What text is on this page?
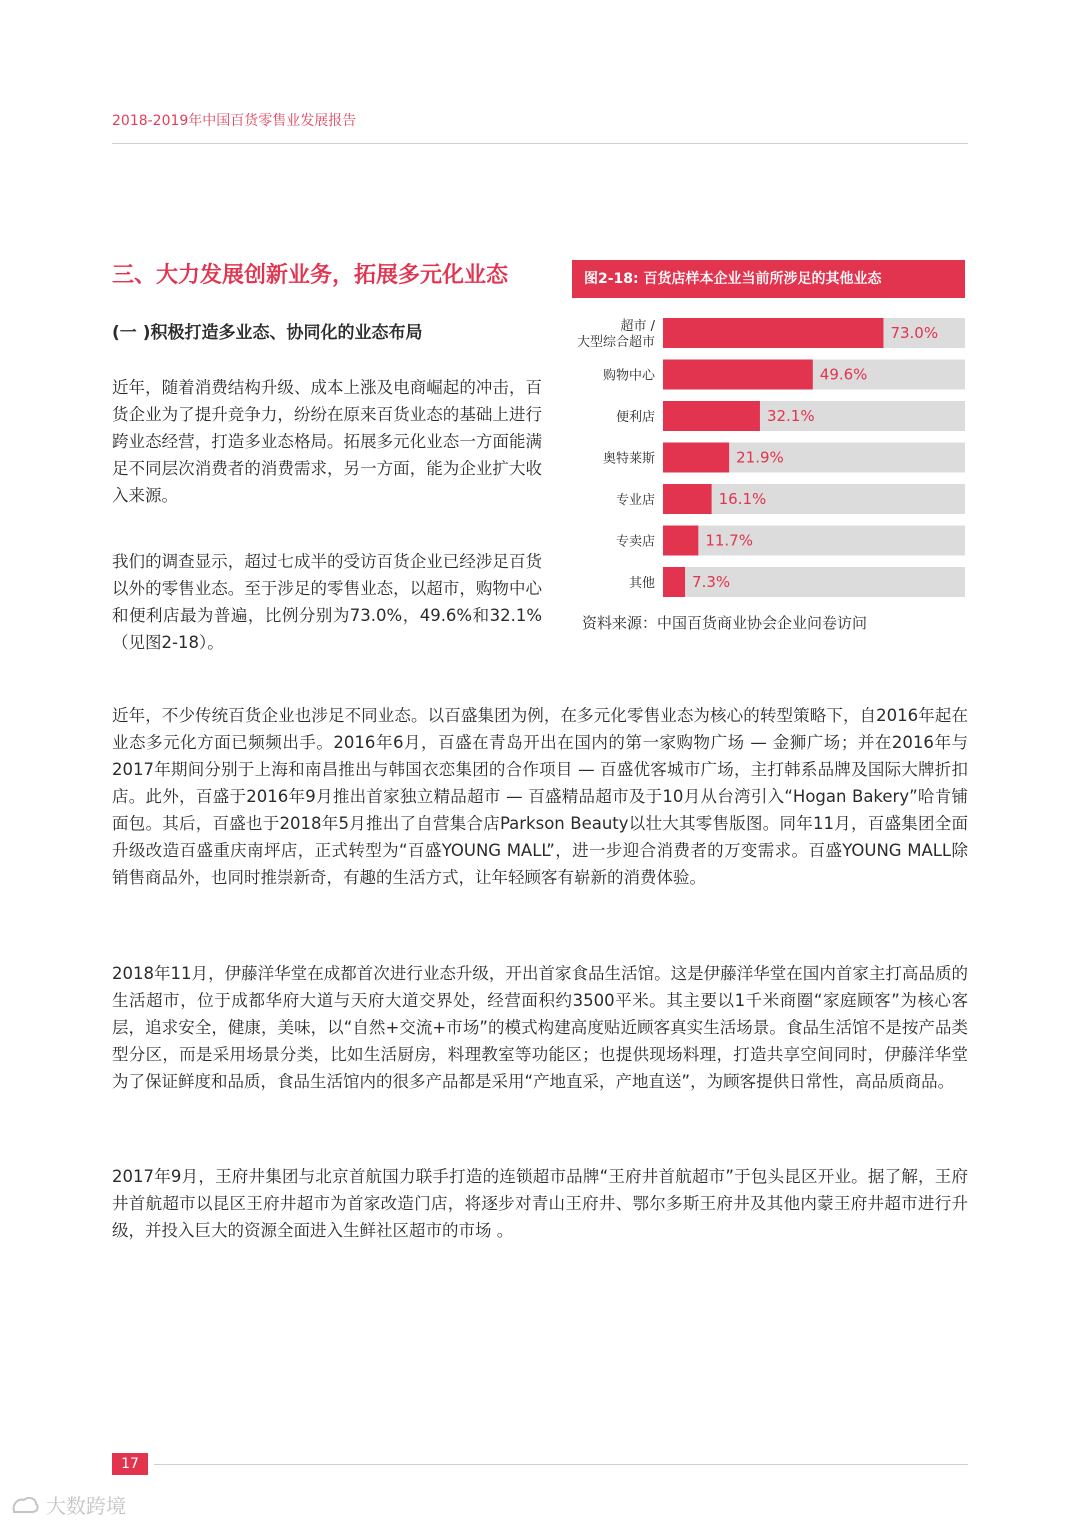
2018-2019年中国百货零售业发展报告
三、大力发展创新业务，拓展多元化业态
(一 )积极打造多业态、协同化的业态布局
近年，随着消费结构升级、成本上涨及电商崛起的冲击，百货企业为了提升竞争力，纷纷在原来百货业态的基础上进行跨业态经营，打造多业态格局。拓展多元化业态一方面能满足不同层次消费者的消费需求，另一方面，能为企业扩大收入来源。
我们的调查显示，超过七成半的受访百货企业已经涉足百货以外的零售业态。至于涉足的零售业态，以超市，购物中心和便利店最为普遍，比例分别为73.0%，49.6%和32.1%（见图2-18）。
图2-18: 百货店样本企业当前所涉足的其他业态
73.0%
超市 /大型综合超市
49.6%
购物中心
32.1%
便利店
21.9%
奥特莱斯
16.1%
专业店
11.7%
专卖店
7.3%
其他
资料来源：中国百货商业协会企业问卷访问
近年，不少传统百货企业也涉足不同业态。以百盛集团为例，在多元化零售业态为核心的转型策略下，自2016年起在业态多元化方面已频频出手。2016年6月，百盛在青岛开出在国内的第一家购物广场 — 金狮广场；并在2016年与2017年期间分别于上海和南昌推出与韩国衣恋集团的合作项目 — 百盛优客城市广场，主打韩系品牌及国际大牌折扣店。此外，百盛于2016年9月推出首家独立精品超市 — 百盛精品超市及于10月从台湾引入“Hogan Bakery”哈肯铺面包。其后，百盛也于2018年5月推出了自营集合店Parkson Beauty以壮大其零售版图。同年11月，百盛集团全面升级改造百盛重庆南坪店，正式转型为“百盛YOUNG MALL”，进一步迎合消费者的万变需求。百盛YOUNG MALL除销售商品外，也同时推崇新奇，有趣的生活方式，让年轻顾客有崭新的消费体验。
2018年11月，伊藤洋华堂在成都首次进行业态升级，开出首家食品生活馆。这是伊藤洋华堂在国内首家主打高品质的生活超市，位于成都华府大道与天府大道交界处，经营面积约3500平米。其主要以1千米商圈“家庭顾客”为核心客层，追求安全，健康，美味，以“自然+交流+市场”的模式构建高度贴近顾客真实生活场景。食品生活馆不是按产品类型分区，而是采用场景分类，比如生活厨房，料理教室等功能区；也提供现场料理，打造共享空间同时，伊藤洋华堂为了保证鲜度和品质，食品生活馆内的很多产品都是采用“产地直采，产地直送”，为顾客提供日常性，高品质商品。
2017年9月，王府井集团与北京首航国力联手打造的连锁超市品牌“王府井首航超市”于包头昆区开业。据了解，王府井首航超市以昆区王府井超市为首家改造门店，将逐步对青山王府井、鄂尔多斯王府井及其他内蒙王府井超市进行升级，并投入巨大的资源全面进入生鲜社区超市的市场 。
17
大数跨境
